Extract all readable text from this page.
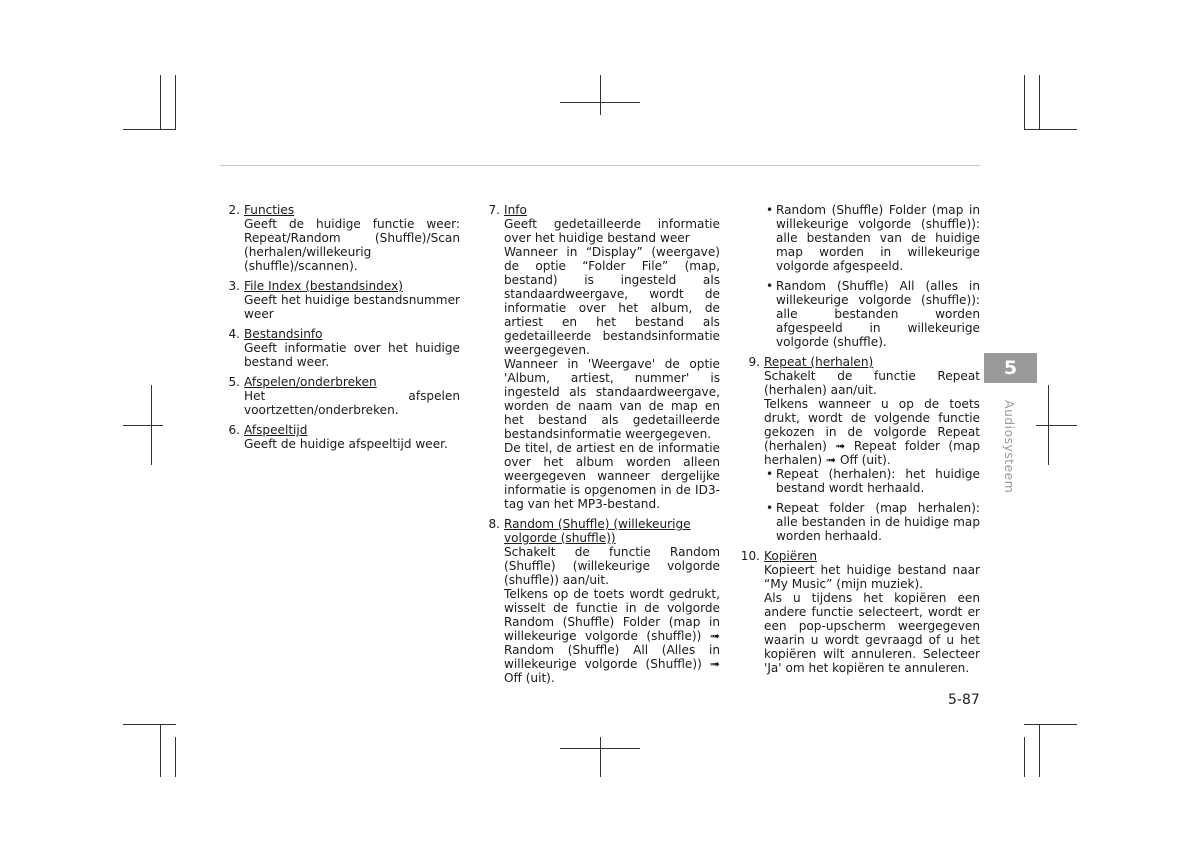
2. Functies
Geeft de huidige functie weer: Repeat/Random (Shuffle)/Scan (herhalen/willekeurig (shuffle)/scannen).
3. File Index (bestandsindex)
Geeft het huidige bestandsnummer weer
4. Bestandsinfo
Geeft informatie over het huidige bestand weer.
5. Afspelen/onderbreken
Het afspelen voortzetten/onderbreken.
6. Afspeeltijd
Geeft de huidige afspeeltijd weer.
7. Info
Geeft gedetailleerde informatie over het huidige bestand weer
Wanneer in “Display” (weergave) de optie “Folder File” (map, bestand) is ingesteld als standaardweergave, wordt de informatie over het album, de artiest en het bestand als gedetailleerde bestandsinformatie weergegeven.
Wanneer in 'Weergave' de optie 'Album, artiest, nummer' is ingesteld als standaardweergave, worden de naam van de map en het bestand als gedetailleerde bestandsinformatie weergegeven.
De titel, de artiest en de informatie over het album worden alleen weergegeven wanneer dergelijke informatie is opgenomen in de ID3-tag van het MP3-bestand.
8. Random (Shuffle) (willekeurige volgorde (shuffle))
Schakelt de functie Random (Shuffle) (willekeurige volgorde (shuffle)) aan/uit.
Telkens op de toets wordt gedrukt, wisselt de functie in de volgorde Random (Shuffle) Folder (map in willekeurige volgorde (shuffle)) ➟ Random (Shuffle) All (Alles in willekeurige volgorde (Shuffle)) ➟ Off (uit).
• Random (Shuffle) Folder (map in willekeurige volgorde (shuffle)): alle bestanden van de huidige map worden in willekeurige volgorde afgespeeld.
• Random (Shuffle) All (alles in willekeurige volgorde (shuffle)): alle bestanden worden afgespeeld in willekeurige volgorde (shuffle).
9. Repeat (herhalen)
Schakelt de functie Repeat (herhalen) aan/uit.
Telkens wanneer u op de toets drukt, wordt de volgende functie gekozen in de volgorde Repeat (herhalen) ➟ Repeat folder (map herhalen) ➟ Off (uit).
• Repeat (herhalen): het huidige bestand wordt herhaald.
• Repeat folder (map herhalen): alle bestanden in de huidige map worden herhaald.
10. Kopiëren
Kopieert het huidige bestand naar “My Music” (mijn muziek).
Als u tijdens het kopiëren een andere functie selecteert, wordt er een pop-upscherm weergegeven waarin u wordt gevraagd of u het kopiëren wilt annuleren. Selecteer 'Ja' om het kopiëren te annuleren.
5
Audiosysteem
5-87
